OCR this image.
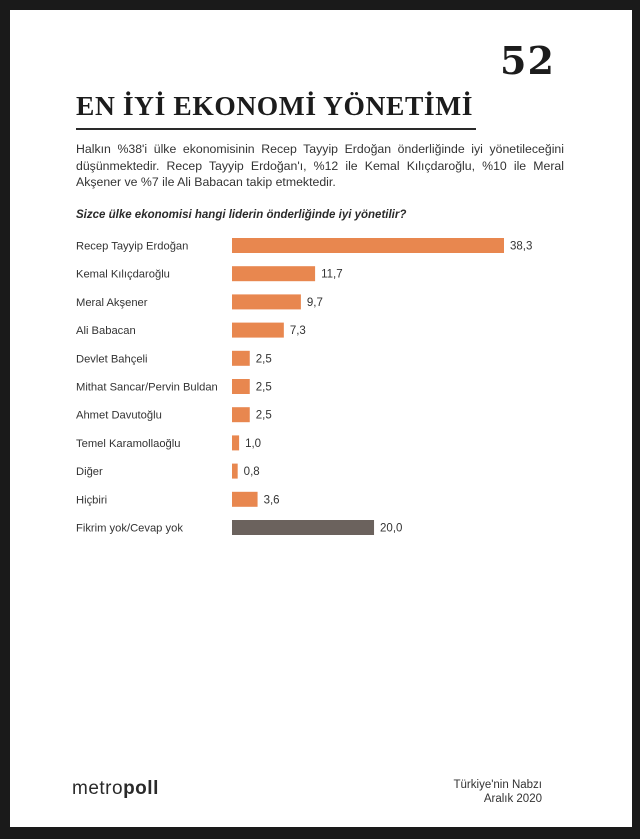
52
EN İYİ EKONOMİ YÖNETİMİ
Halkın %38'i ülke ekonomisinin Recep Tayyip Erdoğan önderliğinde iyi yönetileceğini düşünmektedir. Recep Tayyip Erdoğan'ı, %12 ile Kemal Kılıçdaroğlu, %10 ile Meral Akşener ve %7 ile Ali Babacan takip etmektedir.
Sizce ülke ekonomisi hangi liderin önderliğinde iyi yönetilir?
Recep Tayyip Erdoğan	38,3
Kemal Kılıçdaroğlu	11,7
Meral Akşener	9,7
Ali Babacan	7,3
Devlet Bahçeli	2,5
Mithat Sancar/Pervin Buldan	2,5
Ahmet Davutoğlu	2,5
Temel Karamollaoğlu	1,0
Diğer	0,8
Hiçbiri	3,6
Fikrim yok/Cevap yok	20,0
metropoll	Türkiye'nin Nabzı
Aralık 2020
